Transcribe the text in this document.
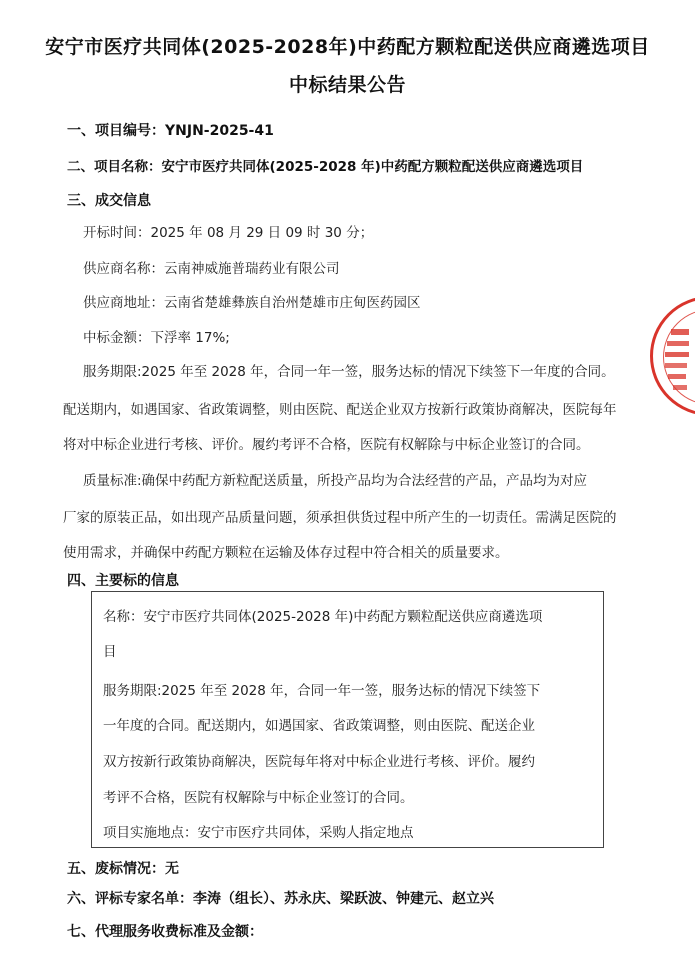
安宁市医疗共同体(2025-2028年)中药配方颗粒配送供应商遴选项目
中标结果公告
一、项目编号：YNJN-2025-41
二、项目名称：安宁市医疗共同体(2025-2028 年)中药配方颗粒配送供应商遴选项目
三、成交信息
开标时间：2025 年 08 月 29 日 09 时 30 分；
供应商名称：云南神威施普瑞药业有限公司
供应商地址：云南省楚雄彝族自治州楚雄市庄甸医药园区
中标金额：下浮率 17%;
服务期限:2025 年至 2028 年，合同一年一签，服务达标的情况下续签下一年度的合同。
配送期内，如遇国家、省政策调整，则由医院、配送企业双方按新行政策协商解决，医院每年
将对中标企业进行考核、评价。履约考评不合格，医院有权解除与中标企业签订的合同。
质量标准:确保中药配方新粒配送质量，所投产品均为合法经营的产品，产品均为对应
厂家的原装正品，如出现产品质量问题，须承担供货过程中所产生的一切责任。需满足医院的
使用需求，并确保中药配方颗粒在运输及体存过程中符合相关的质量要求。
四、主要标的信息
名称：安宁市医疗共同体(2025-2028 年)中药配方颗粒配送供应商遴选项
目
服务期限:2025 年至 2028 年，合同一年一签，服务达标的情况下续签下
一年度的合同。配送期内，如遇国家、省政策调整，则由医院、配送企业
双方按新行政策协商解决，医院每年将对中标企业进行考核、评价。履约
考评不合格，医院有权解除与中标企业签订的合同。
项目实施地点：安宁市医疗共同体，采购人指定地点
五、废标情况：无
六、评标专家名单：李涛（组长）、苏永庆、梁跃波、钟建元、赵立兴
七、代理服务收费标准及金额：
